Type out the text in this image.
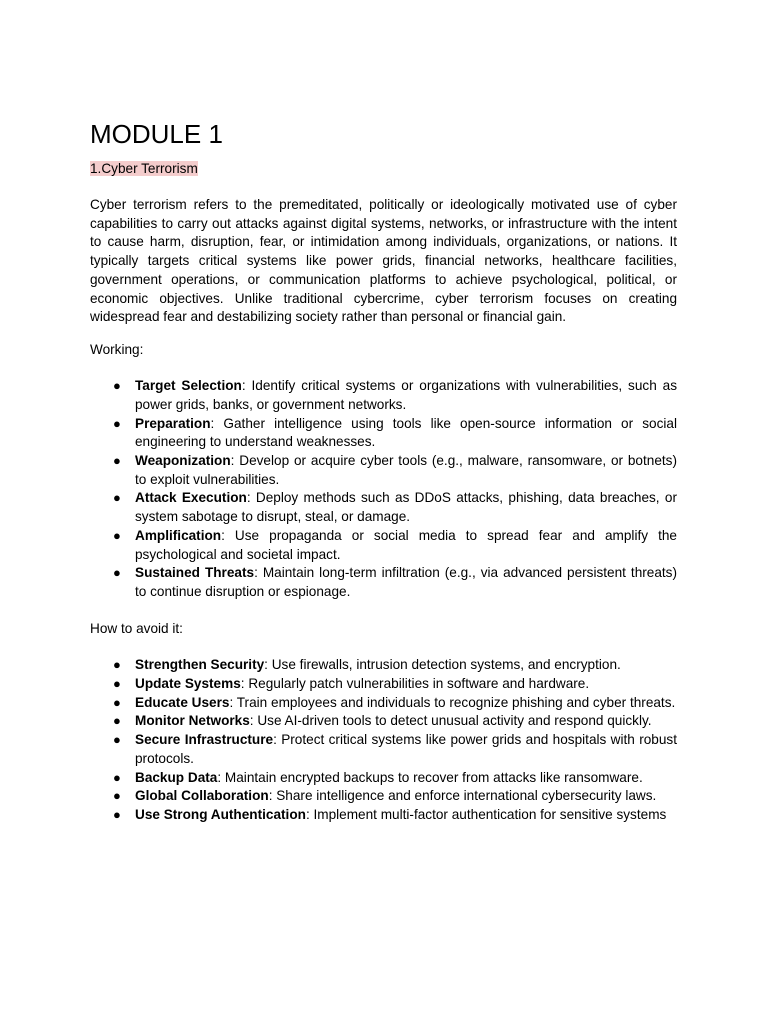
MODULE 1
1.Cyber Terrorism

Cyber terrorism refers to the premeditated, politically or ideologically motivated use of cyber capabilities to carry out attacks against digital systems, networks, or infrastructure with the intent to cause harm, disruption, fear, or intimidation among individuals, organizations, or nations. It typically targets critical systems like power grids, financial networks, healthcare facilities, government operations, or communication platforms to achieve psychological, political, or economic objectives. Unlike traditional cybercrime, cyber terrorism focuses on creating widespread fear and destabilizing society rather than personal or financial gain.

Working:
● Target Selection: Identify critical systems or organizations with vulnerabilities, such as power grids, banks, or government networks.
● Preparation: Gather intelligence using tools like open-source information or social engineering to understand weaknesses.
● Weaponization: Develop or acquire cyber tools (e.g., malware, ransomware, or botnets) to exploit vulnerabilities.
● Attack Execution: Deploy methods such as DDoS attacks, phishing, data breaches, or system sabotage to disrupt, steal, or damage.
● Amplification: Use propaganda or social media to spread fear and amplify the psychological and societal impact.
● Sustained Threats: Maintain long-term infiltration (e.g., via advanced persistent threats) to continue disruption or espionage.
How to avoid it:
● Strengthen Security: Use firewalls, intrusion detection systems, and encryption.
● Update Systems: Regularly patch vulnerabilities in software and hardware.
● Educate Users: Train employees and individuals to recognize phishing and cyber threats.
● Monitor Networks: Use AI-driven tools to detect unusual activity and respond quickly.
● Secure Infrastructure: Protect critical systems like power grids and hospitals with robust protocols.
● Backup Data: Maintain encrypted backups to recover from attacks like ransomware.
● Global Collaboration: Share intelligence and enforce international cybersecurity laws.
● Use Strong Authentication: Implement multi-factor authentication for sensitive systems
